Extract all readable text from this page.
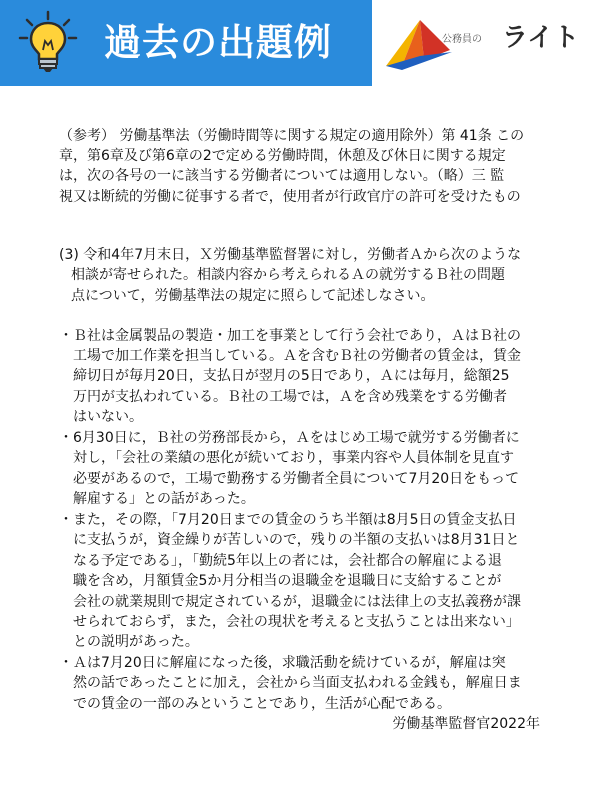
過去の出題例	公務員の ライト
（参考） 労働基準法（労働時間等に関する規定の適用除外）第 41条 この
章，第6章及び第6章の2で定める労働時間，休憩及び休日に関する規定
は，次の各号の一に該当する労働者については適用しない。（略）三 監
視又は断続的労働に従事する者で，使用者が行政官庁の許可を受けたもの
(3) 令和4年7月末日，Ｘ労働基準監督署に対し，労働者Ａから次のような
相談が寄せられた。相談内容から考えられるＡの就労するＢ社の問題
点について，労働基準法の規定に照らして記述しなさい。
・Ｂ社は金属製品の製造・加工を事業として行う会社であり，ＡはＢ社の
工場で加工作業を担当している。Ａを含むＢ社の労働者の賃金は，賃金
締切日が毎月20日，支払日が翌月の5日であり，Ａには毎月，総額25
万円が支払われている。Ｂ社の工場では，Ａを含め残業をする労働者
はいない。
・6月30日に，Ｂ社の労務部長から，Ａをはじめ工場で就労する労働者に
対し，「会社の業績の悪化が続いており，事業内容や人員体制を見直す
必要があるので，工場で勤務する労働者全員について7月20日をもって
解雇する」との話があった。
・また，その際，「7月20日までの賃金のうち半額は8月5日の賃金支払日
に支払うが，資金繰りが苦しいので，残りの半額の支払いは8月31日と
なる予定である」，「勤続5年以上の者には，会社都合の解雇による退
職を含め，月額賃金5か月分相当の退職金を退職日に支給することが
会社の就業規則で規定されているが，退職金には法律上の支払義務が課
せられておらず，また，会社の現状を考えると支払うことは出来ない」
との説明があった。
・Ａは7月20日に解雇になった後，求職活動を続けているが，解雇は突
然の話であったことに加え，会社から当面支払われる金銭も，解雇日ま
での賃金の一部のみということであり，生活が心配である。
労働基準監督官2022年
